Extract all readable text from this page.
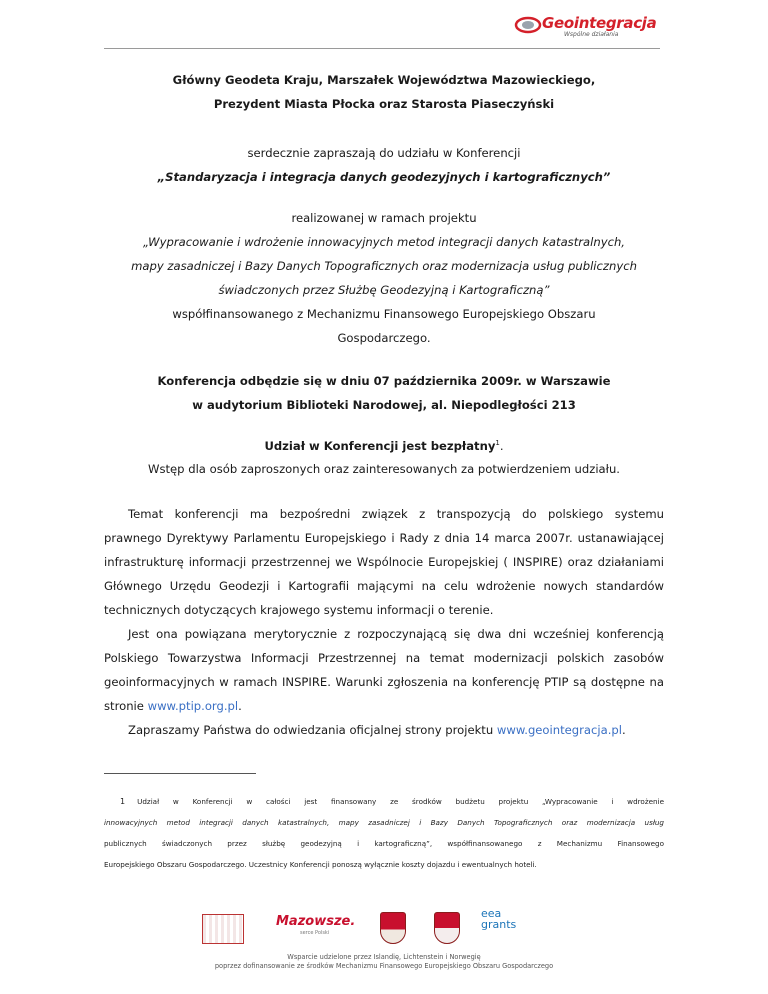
Geointegracja
Wspólne działania
Główny Geodeta Kraju, Marszałek Województwa Mazowieckiego,
Prezydent Miasta Płocka oraz Starosta Piaseczyński
serdecznie zapraszają do udziału w Konferencji
„Standaryzacja i integracja danych geodezyjnych i kartograficznych”
realizowanej w ramach projektu
„Wypracowanie i wdrożenie innowacyjnych metod integracji danych katastralnych,
mapy zasadniczej i Bazy Danych Topograficznych oraz modernizacja usług publicznych
świadczonych przez Służbę Geodezyjną i Kartograficzną”
współfinansowanego z Mechanizmu Finansowego Europejskiego Obszaru
Gospodarczego.
Konferencja odbędzie się w dniu 07 października 2009r. w Warszawie
w audytorium Biblioteki Narodowej, al. Niepodległości 213
Udział w Konferencji jest bezpłatny$^1$.
Wstęp dla osób zaproszonych oraz zainteresowanych za potwierdzeniem udziału.
Temat konferencji ma bezpośredni związek z transpozycją do polskiego systemu
prawnego Dyrektywy Parlamentu Europejskiego i Rady z dnia 14 marca 2007r. ustanawiającej
infrastrukturę informacji przestrzennej we Wspólnocie Europejskiej ( INSPIRE) oraz działaniami
Głównego Urzędu Geodezji i Kartografii mającymi na celu wdrożenie nowych standardów
technicznych dotyczących krajowego systemu informacji o terenie.
Jest ona powiązana merytorycznie z rozpoczynającą się dwa dni wcześniej konferencją
Polskiego Towarzystwa Informacji Przestrzennej na temat modernizacji polskich zasobów
geoinformacyjnych w ramach INSPIRE. Warunki zgłoszenia na konferencję PTIP są dostępne na
stronie www.ptip.org.pl.
Zapraszamy Państwa do odwiedzania oficjalnej strony projektu www.geointegracja.pl.
1 Udział w Konferencji w całości jest finansowany ze środków budżetu projektu „Wypracowanie i wdrożenie
innowacyjnych metod integracji danych katastralnych, mapy zasadniczej i Bazy Danych Topograficznych oraz modernizacja usług
publicznych świadczonych przez służbę geodezyjną i kartograficzną”, współfinansowanego z Mechanizmu Finansowego
Europejskiego Obszaru Gospodarczego. Uczestnicy Konferencji ponoszą wyłącznie koszty dojazdu i ewentualnych hoteli.
Mazowsze.
serce Polski
eea
grants
Wsparcie udzielone przez Islandię, Lichtenstein i Norwegię
poprzez dofinansowanie ze środków Mechanizmu Finansowego Europejskiego Obszaru Gospodarczego
